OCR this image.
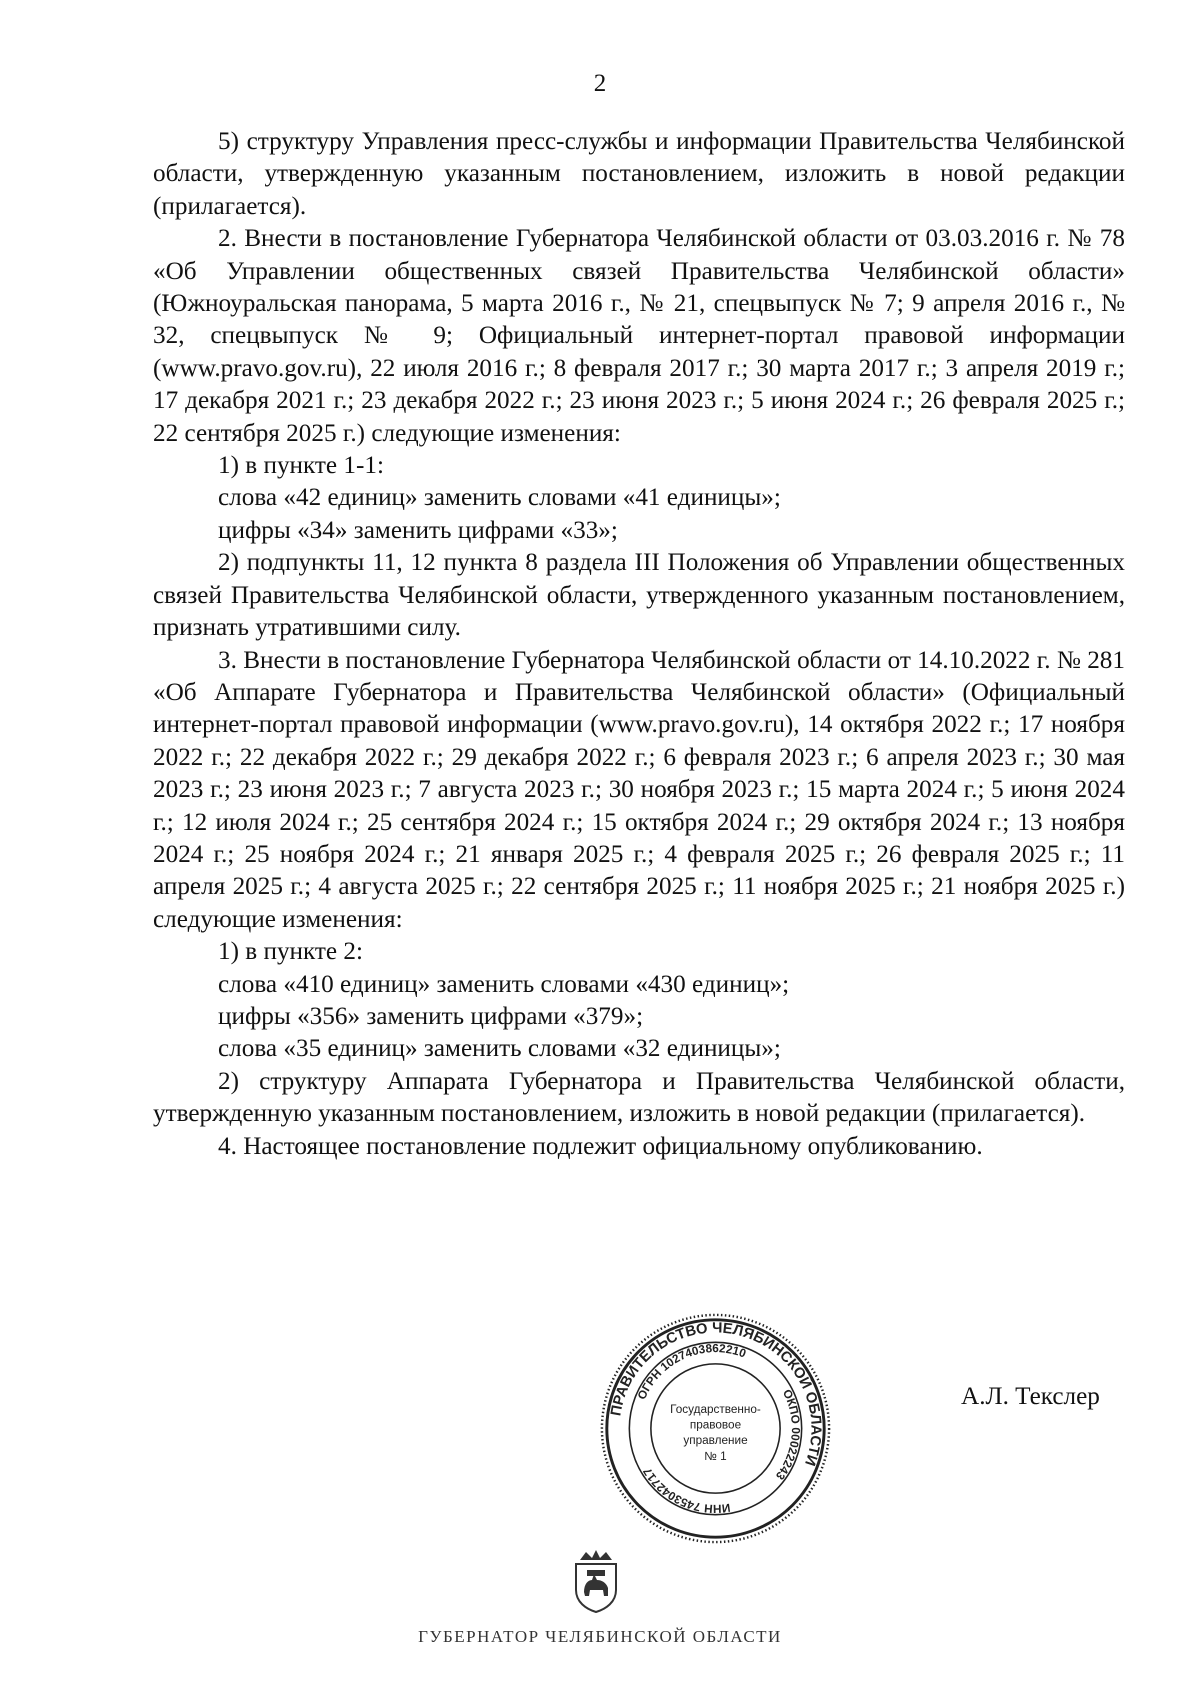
2

5) структуру Управления пресс-службы и информации Правительства Челябинской области, утвержденную указанным постановлением, изложить в новой редакции (прилагается).

2. Внести в постановление Губернатора Челябинской области от 03.03.2016 г. № 78 «Об Управлении общественных связей Правительства Челябинской области» (Южноуральская панорама, 5 марта 2016 г., № 21, спецвыпуск № 7; 9 апреля 2016 г., № 32, спецвыпуск № 9; Официальный интернет-портал правовой информации (www.pravo.gov.ru), 22 июля 2016 г.; 8 февраля 2017 г.; 30 марта 2017 г.; 3 апреля 2019 г.; 17 декабря 2021 г.; 23 декабря 2022 г.; 23 июня 2023 г.; 5 июня 2024 г.; 26 февраля 2025 г.; 22 сентября 2025 г.) следующие изменения:

1) в пункте 1-1:

слова «42 единиц» заменить словами «41 единицы»;

цифры «34» заменить цифрами «33»;

2) подпункты 11, 12 пункта 8 раздела III Положения об Управлении общественных связей Правительства Челябинской области, утвержденного указанным постановлением, признать утратившими силу.

3. Внести в постановление Губернатора Челябинской области от 14.10.2022 г. № 281 «Об Аппарате Губернатора и Правительства Челябинской области» (Официальный интернет-портал правовой информации (www.pravo.gov.ru), 14 октября 2022 г.; 17 ноября 2022 г.; 22 декабря 2022 г.; 29 декабря 2022 г.; 6 февраля 2023 г.; 6 апреля 2023 г.; 30 мая 2023 г.; 23 июня 2023 г.; 7 августа 2023 г.; 30 ноября 2023 г.; 15 марта 2024 г.; 5 июня 2024 г.; 12 июля 2024 г.; 25 сентября 2024 г.; 15 октября 2024 г.; 29 октября 2024 г.; 13 ноября 2024 г.; 25 ноября 2024 г.; 21 января 2025 г.; 4 февраля 2025 г.; 26 февраля 2025 г.; 11 апреля 2025 г.; 4 августа 2025 г.; 22 сентября 2025 г.; 11 ноября 2025 г.; 21 ноября 2025 г.) следующие изменения:

1) в пункте 2:

слова «410 единиц» заменить словами «430 единиц»;

цифры «356» заменить цифрами «379»;

слова «35 единиц» заменить словами «32 единицы»;

2) структуру Аппарата Губернатора и Правительства Челябинской области, утвержденную указанным постановлением, изложить в новой редакции (прилагается).

4. Настоящее постановление подлежит официальному опубликованию.

ПРАВИТЕЛЬСТВО ЧЕЛЯБИНСКОЙ ОБЛАСТИ
ОГРН 1027403862210
ОКПО 00022243
ИНН 7453042717
Государственно-
правовое
управление
№ 1
А.Л. Текслер
ГУБЕРНАТОР ЧЕЛЯБИНСКОЙ ОБЛАСТИ
